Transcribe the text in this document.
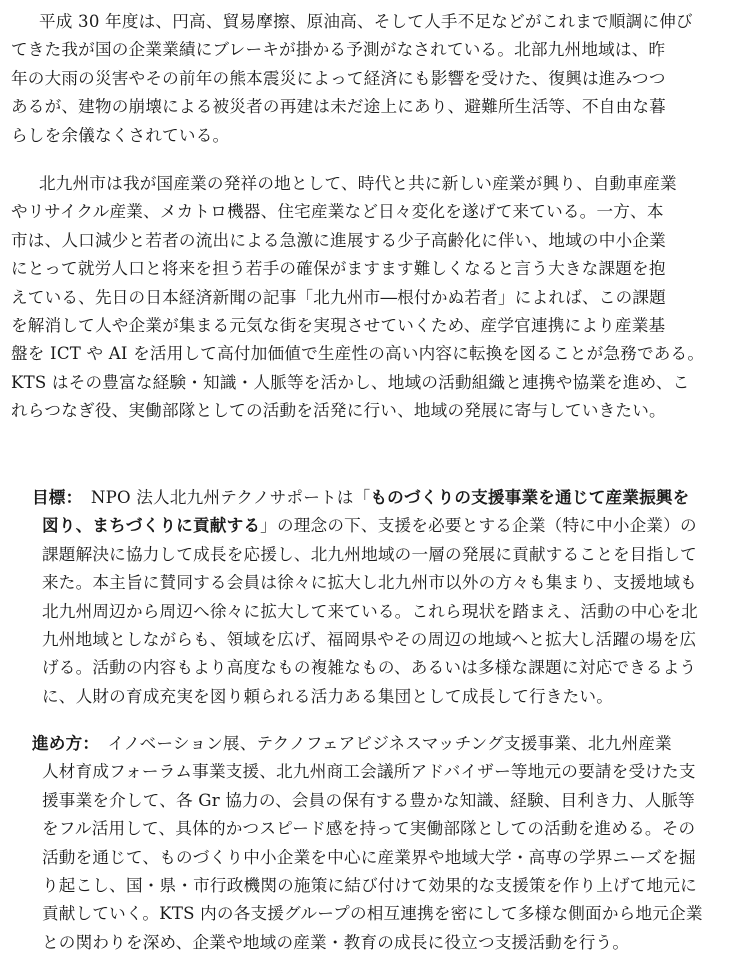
平成 30 年度は、円高、貿易摩擦、原油高、そして人手不足などがこれまで順調に伸び
てきた我が国の企業業績にブレーキが掛かる予測がなされている。北部九州地域は、昨
年の大雨の災害やその前年の熊本震災によって経済にも影響を受けた、復興は進みつつ
あるが、建物の崩壊による被災者の再建は未だ途上にあり、避難所生活等、不自由な暮
らしを余儀なくされている。

北九州市は我が国産業の発祥の地として、時代と共に新しい産業が興り、自動車産業
やリサイクル産業、メカトロ機器、住宅産業など日々変化を遂げて来ている。一方、本
市は、人口減少と若者の流出による急激に進展する少子高齢化に伴い、地域の中小企業
にとって就労人口と将来を担う若手の確保がますます難しくなると言う大きな課題を抱
えている、先日の日本経済新聞の記事「北九州市―根付かぬ若者」によれば、この課題
を解消して人や企業が集まる元気な街を実現させていくため、産学官連携により産業基
盤を ICT や AI を活用して高付加価値で生産性の高い内容に転換を図ることが急務である。
KTS はその豊富な経験・知識・人脈等を活かし、地域の活動組織と連携や協業を進め、こ
れらつなぎ役、実働部隊としての活動を活発に行い、地域の発展に寄与していきたい。

目標：　NPO 法人北九州テクノサポートは「ものづくりの支援事業を通じて産業振興を
図り、まちづくりに貢献する」の理念の下、支援を必要とする企業（特に中小企業）の
課題解決に協力して成長を応援し、北九州地域の一層の発展に貢献することを目指して
来た。本主旨に賛同する会員は徐々に拡大し北九州市以外の方々も集まり、支援地域も
北九州周辺から周辺へ徐々に拡大して来ている。これら現状を踏まえ、活動の中心を北
九州地域としながらも、領域を広げ、福岡県やその周辺の地域へと拡大し活躍の場を広
げる。活動の内容もより高度なもの複雑なもの、あるいは多様な課題に対応できるよう
に、人財の育成充実を図り頼られる活力ある集団として成長して行きたい。

進め方：　イノベーション展、テクノフェアビジネスマッチング支援事業、北九州産業
人材育成フォーラム事業支援、北九州商工会議所アドバイザー等地元の要請を受けた支
援事業を介して、各 Gr 協力の、会員の保有する豊かな知識、経験、目利き力、人脈等
をフル活用して、具体的かつスピード感を持って実働部隊としての活動を進める。その
活動を通じて、ものづくり中小企業を中心に産業界や地域大学・高専の学界ニーズを掘
り起こし、国・県・市行政機関の施策に結び付けて効果的な支援策を作り上げて地元に
貢献していく。KTS 内の各支援グループの相互連携を密にして多様な側面から地元企業
との関わりを深め、企業や地域の産業・教育の成長に役立つ支援活動を行う。
